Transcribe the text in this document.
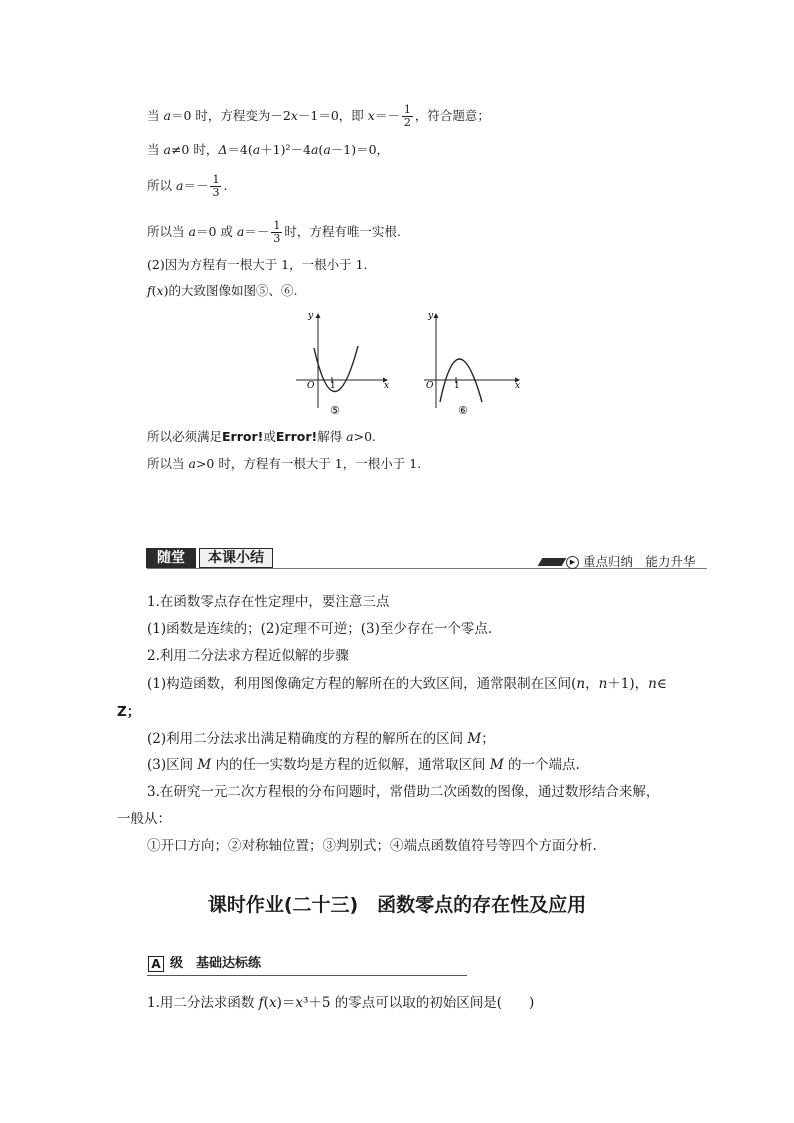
当 a＝0 时，方程变为－2x－1＝0，即 $x=- \frac{1}{2}$ ，符合题意；
当 a≠0 时，Δ＝4(a＋1)²－4a(a－1)＝0，
所以 $a=- \frac{1}{3}$ .
所以当 a＝0 或 $a=- \frac{1}{3}$ 时，方程有唯一实根.
(2)因为方程有一根大于 1，一根小于 1.
f(x)的大致图像如图⑤、⑥.
y
x
O 1
⑤
y
x
O 1
⑥
所以必须满足Error!或Error!解得 a>0.
所以当 a>0 时，方程有一根大于 1，一根小于 1.
随堂	本课小结	▶ 重点归纳　 能力升华
1.在函数零点存在性定理中，要注意三点
(1)函数是连续的；(2)定理不可逆；(3)至少存在一个零点.
2.利用二分法求方程近似解的步骤
(1)构造函数，利用图像确定方程的解所在的大致区间，通常限制在区间(n，n＋1)，n∈
Z；
(2)利用二分法求出满足精确度的方程的解所在的区间 M；
(3)区间 M 内的任一实数均是方程的近似解，通常取区间 M 的一个端点.
3.在研究一元二次方程根的分布问题时，常借助二次函数的图像，通过数形结合来解，
一般从：
①开口方向；②对称轴位置；③判别式；④端点函数值符号等四个方面分析.
课时作业(二十三)　函数零点的存在性及应用
A 级　基础达标练
1.用二分法求函数 f(x)＝x³＋5 的零点可以取的初始区间是(　　)
